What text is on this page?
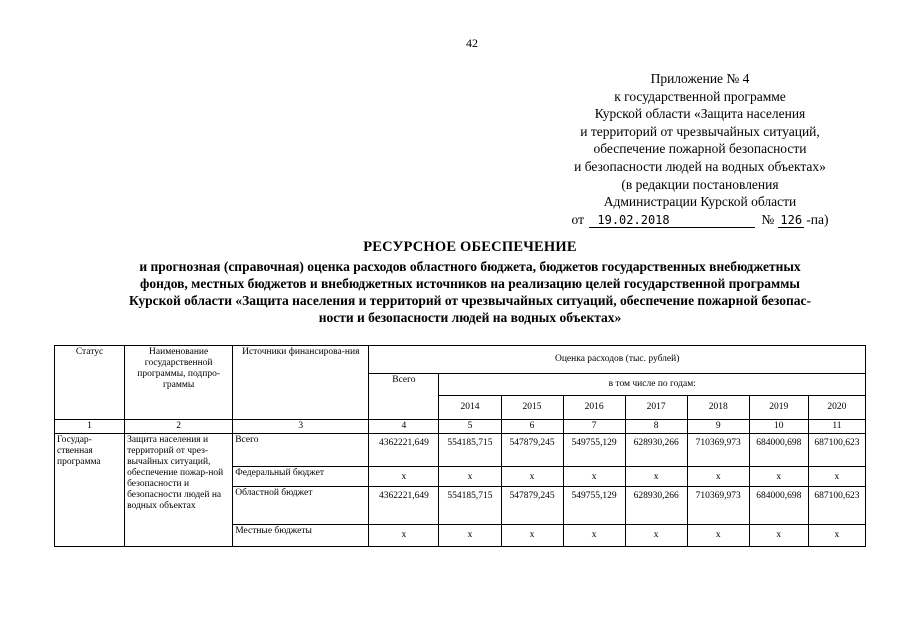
42
Приложение № 4
к государственной программе
Курской области «Защита населения
и территорий от чрезвычайных ситуаций,
обеспечение пожарной безопасности
и безопасности людей на водных объектах»
(в редакции постановления
Администрации Курской области
от 19.02.2018	№ 126 -па)
РЕСУРСНОЕ ОБЕСПЕЧЕНИЕ
и прогнозная (справочная) оценка расходов областного бюджета, бюджетов государственных внебюджетных
фондов, местных бюджетов и внебюджетных источников на реализацию целей государственной программы
Курской области «Защита населения и территорий от чрезвычайных ситуаций, обеспечение пожарной безопас-
ности и безопасности людей на водных объектах»
Статус	Наименование государственной программы, подпро-граммы	Источники финансирова-ния	Оценка расходов (тыс. рублей)							
			Всего	в том числе по годам:						
				2014	2015	2016	2017	2018	2019	2020
1	2	3	4	5	6	7	8	9	10	11
Государ-ственная программа	Защита населения и территорий от чрез-вычайных ситуаций, обеспечение пожар-ной безопасности и безопасности людей на водных объектах	Всего	4362221,649	554185,715	547879,245	549755,129	628930,266	710369,973	684000,698	687100,623
		Федеральный бюджет	х	х	х	х	х	х	х	х
		Областной бюджет	4362221,649	554185,715	547879,245	549755,129	628930,266	710369,973	684000,698	687100,623
		Местные бюджеты	х	х	х	х	х	х	х	х
